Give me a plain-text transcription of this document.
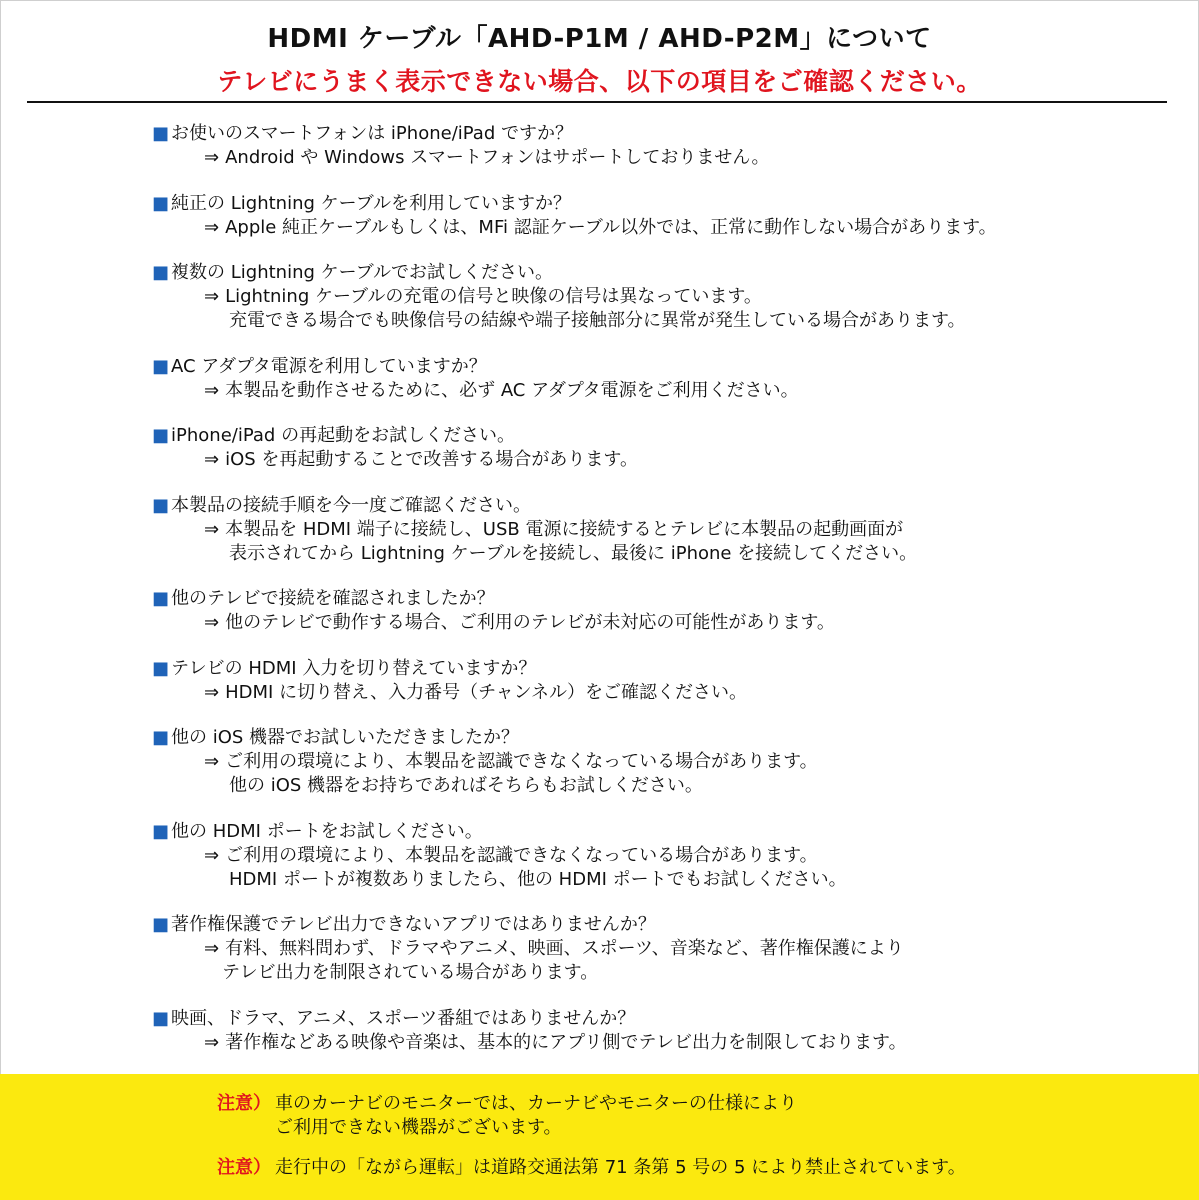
HDMI ケーブル「AHD-P1M / AHD-P2M」について
テレビにうまく表示できない場合、以下の項目をご確認ください。
■ お使いのスマートフォンは iPhone/iPad ですか？
⇒ Android や Windows スマートフォンはサポートしておりません。
■ 純正の Lightning ケーブルを利用していますか？
⇒ Apple 純正ケーブルもしくは、MFi 認証ケーブル以外では、正常に動作しない場合があります。
■ 複数の Lightning ケーブルでお試しください。
⇒ Lightning ケーブルの充電の信号と映像の信号は異なっています。
充電できる場合でも映像信号の結線や端子接触部分に異常が発生している場合があります。
■ AC アダプタ電源を利用していますか？
⇒ 本製品を動作させるために、必ず AC アダプタ電源をご利用ください。
■ iPhone/iPad の再起動をお試しください。
⇒ iOS を再起動することで改善する場合があります。
■ 本製品の接続手順を今一度ご確認ください。
⇒ 本製品を HDMI 端子に接続し、USB 電源に接続するとテレビに本製品の起動画面が
表示されてから Lightning ケーブルを接続し、最後に iPhone を接続してください。
■ 他のテレビで接続を確認されましたか？
⇒ 他のテレビで動作する場合、ご利用のテレビが未対応の可能性があります。
■ テレビの HDMI 入力を切り替えていますか？
⇒ HDMI に切り替え、入力番号（チャンネル）をご確認ください。
■ 他の iOS 機器でお試しいただきましたか？
⇒ ご利用の環境により、本製品を認識できなくなっている場合があります。
他の iOS 機器をお持ちであればそちらもお試しください。
■ 他の HDMI ポートをお試しください。
⇒ ご利用の環境により、本製品を認識できなくなっている場合があります。
HDMI ポートが複数ありましたら、他の HDMI ポートでもお試しください。
■ 著作権保護でテレビ出力できないアプリではありませんか？
⇒ 有料、無料問わず、ドラマやアニメ、映画、スポーツ、音楽など、著作権保護により
テレビ出力を制限されている場合があります。
■ 映画、ドラマ、アニメ、スポーツ番組ではありませんか？
⇒ 著作権などある映像や音楽は、基本的にアプリ側でテレビ出力を制限しております。
注意） 車のカーナビのモニターでは、カーナビやモニターの仕様により
ご利用できない機器がございます。
注意） 走行中の「ながら運転」は道路交通法第 71 条第 5 号の 5 により禁止されています。
